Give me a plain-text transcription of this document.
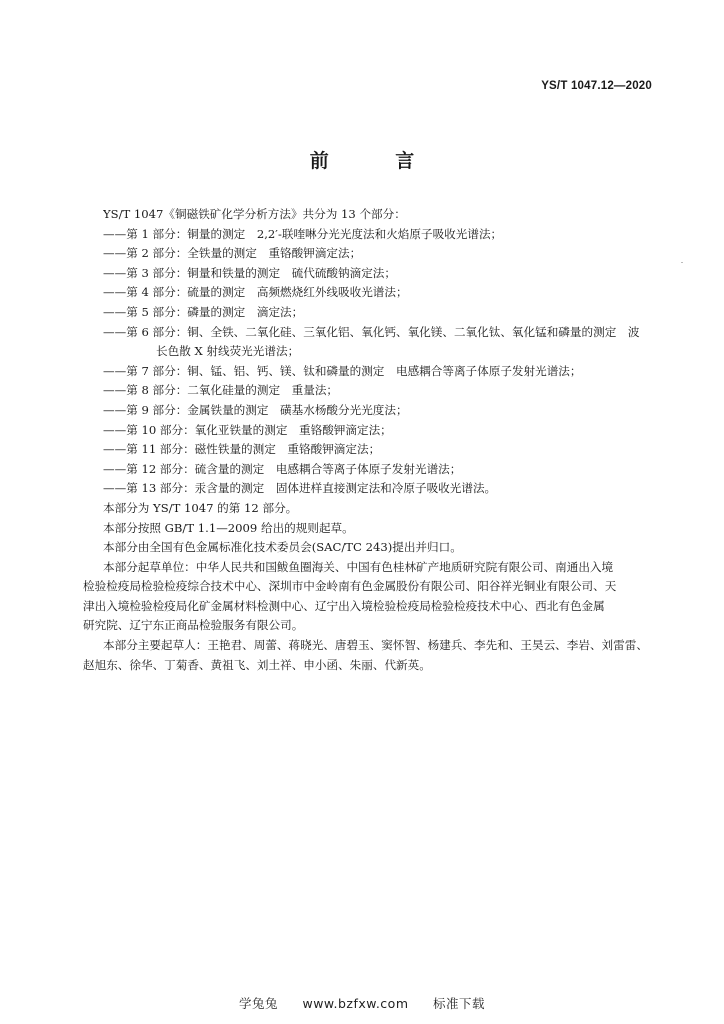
YS/T 1047.12—2020
前 言
YS/T 1047《铜磁铁矿化学分析方法》共分为 13 个部分：
——第 1 部分：铜量的测定　2,2′-联喹啉分光光度法和火焰原子吸收光谱法；
——第 2 部分：全铁量的测定　重铬酸钾滴定法；
——第 3 部分：铜量和铁量的测定　硫代硫酸钠滴定法；
——第 4 部分：硫量的测定　高频燃烧红外线吸收光谱法；
——第 5 部分：磷量的测定　滴定法；
——第 6 部分：铜、全铁、二氧化硅、三氧化铝、氧化钙、氧化镁、二氧化钛、氧化锰和磷量的测定　波
长色散 X 射线荧光光谱法；
——第 7 部分：铜、锰、铝、钙、镁、钛和磷量的测定　电感耦合等离子体原子发射光谱法；
——第 8 部分：二氧化硅量的测定　重量法；
——第 9 部分：金属铁量的测定　磺基水杨酸分光光度法；
——第 10 部分：氧化亚铁量的测定　重铬酸钾滴定法；
——第 11 部分：磁性铁量的测定　重铬酸钾滴定法；
——第 12 部分：硫含量的测定　电感耦合等离子体原子发射光谱法；
——第 13 部分：汞含量的测定　固体进样直接测定法和冷原子吸收光谱法。
本部分为 YS/T 1047 的第 12 部分。
本部分按照 GB/T 1.1—2009 给出的规则起草。
本部分由全国有色金属标准化技术委员会(SAC/TC 243)提出并归口。
本部分起草单位：中华人民共和国鲅鱼圈海关、中国有色桂林矿产地质研究院有限公司、南通出入境
检验检疫局检验检疫综合技术中心、深圳市中金岭南有色金属股份有限公司、阳谷祥光铜业有限公司、天
津出入境检验检疫局化矿金属材料检测中心、辽宁出入境检验检疫局检验检疫技术中心、西北有色金属
研究院、辽宁东正商品检验服务有限公司。
本部分主要起草人：王艳君、周蕾、蒋晓光、唐碧玉、窦怀智、杨建兵、李先和、王昊云、李岩、刘雷雷、
赵旭东、徐华、丁菊香、黄祖飞、刘土祥、申小函、朱丽、代新英。
学兔兔 www.bzfxw.com 标准下载
